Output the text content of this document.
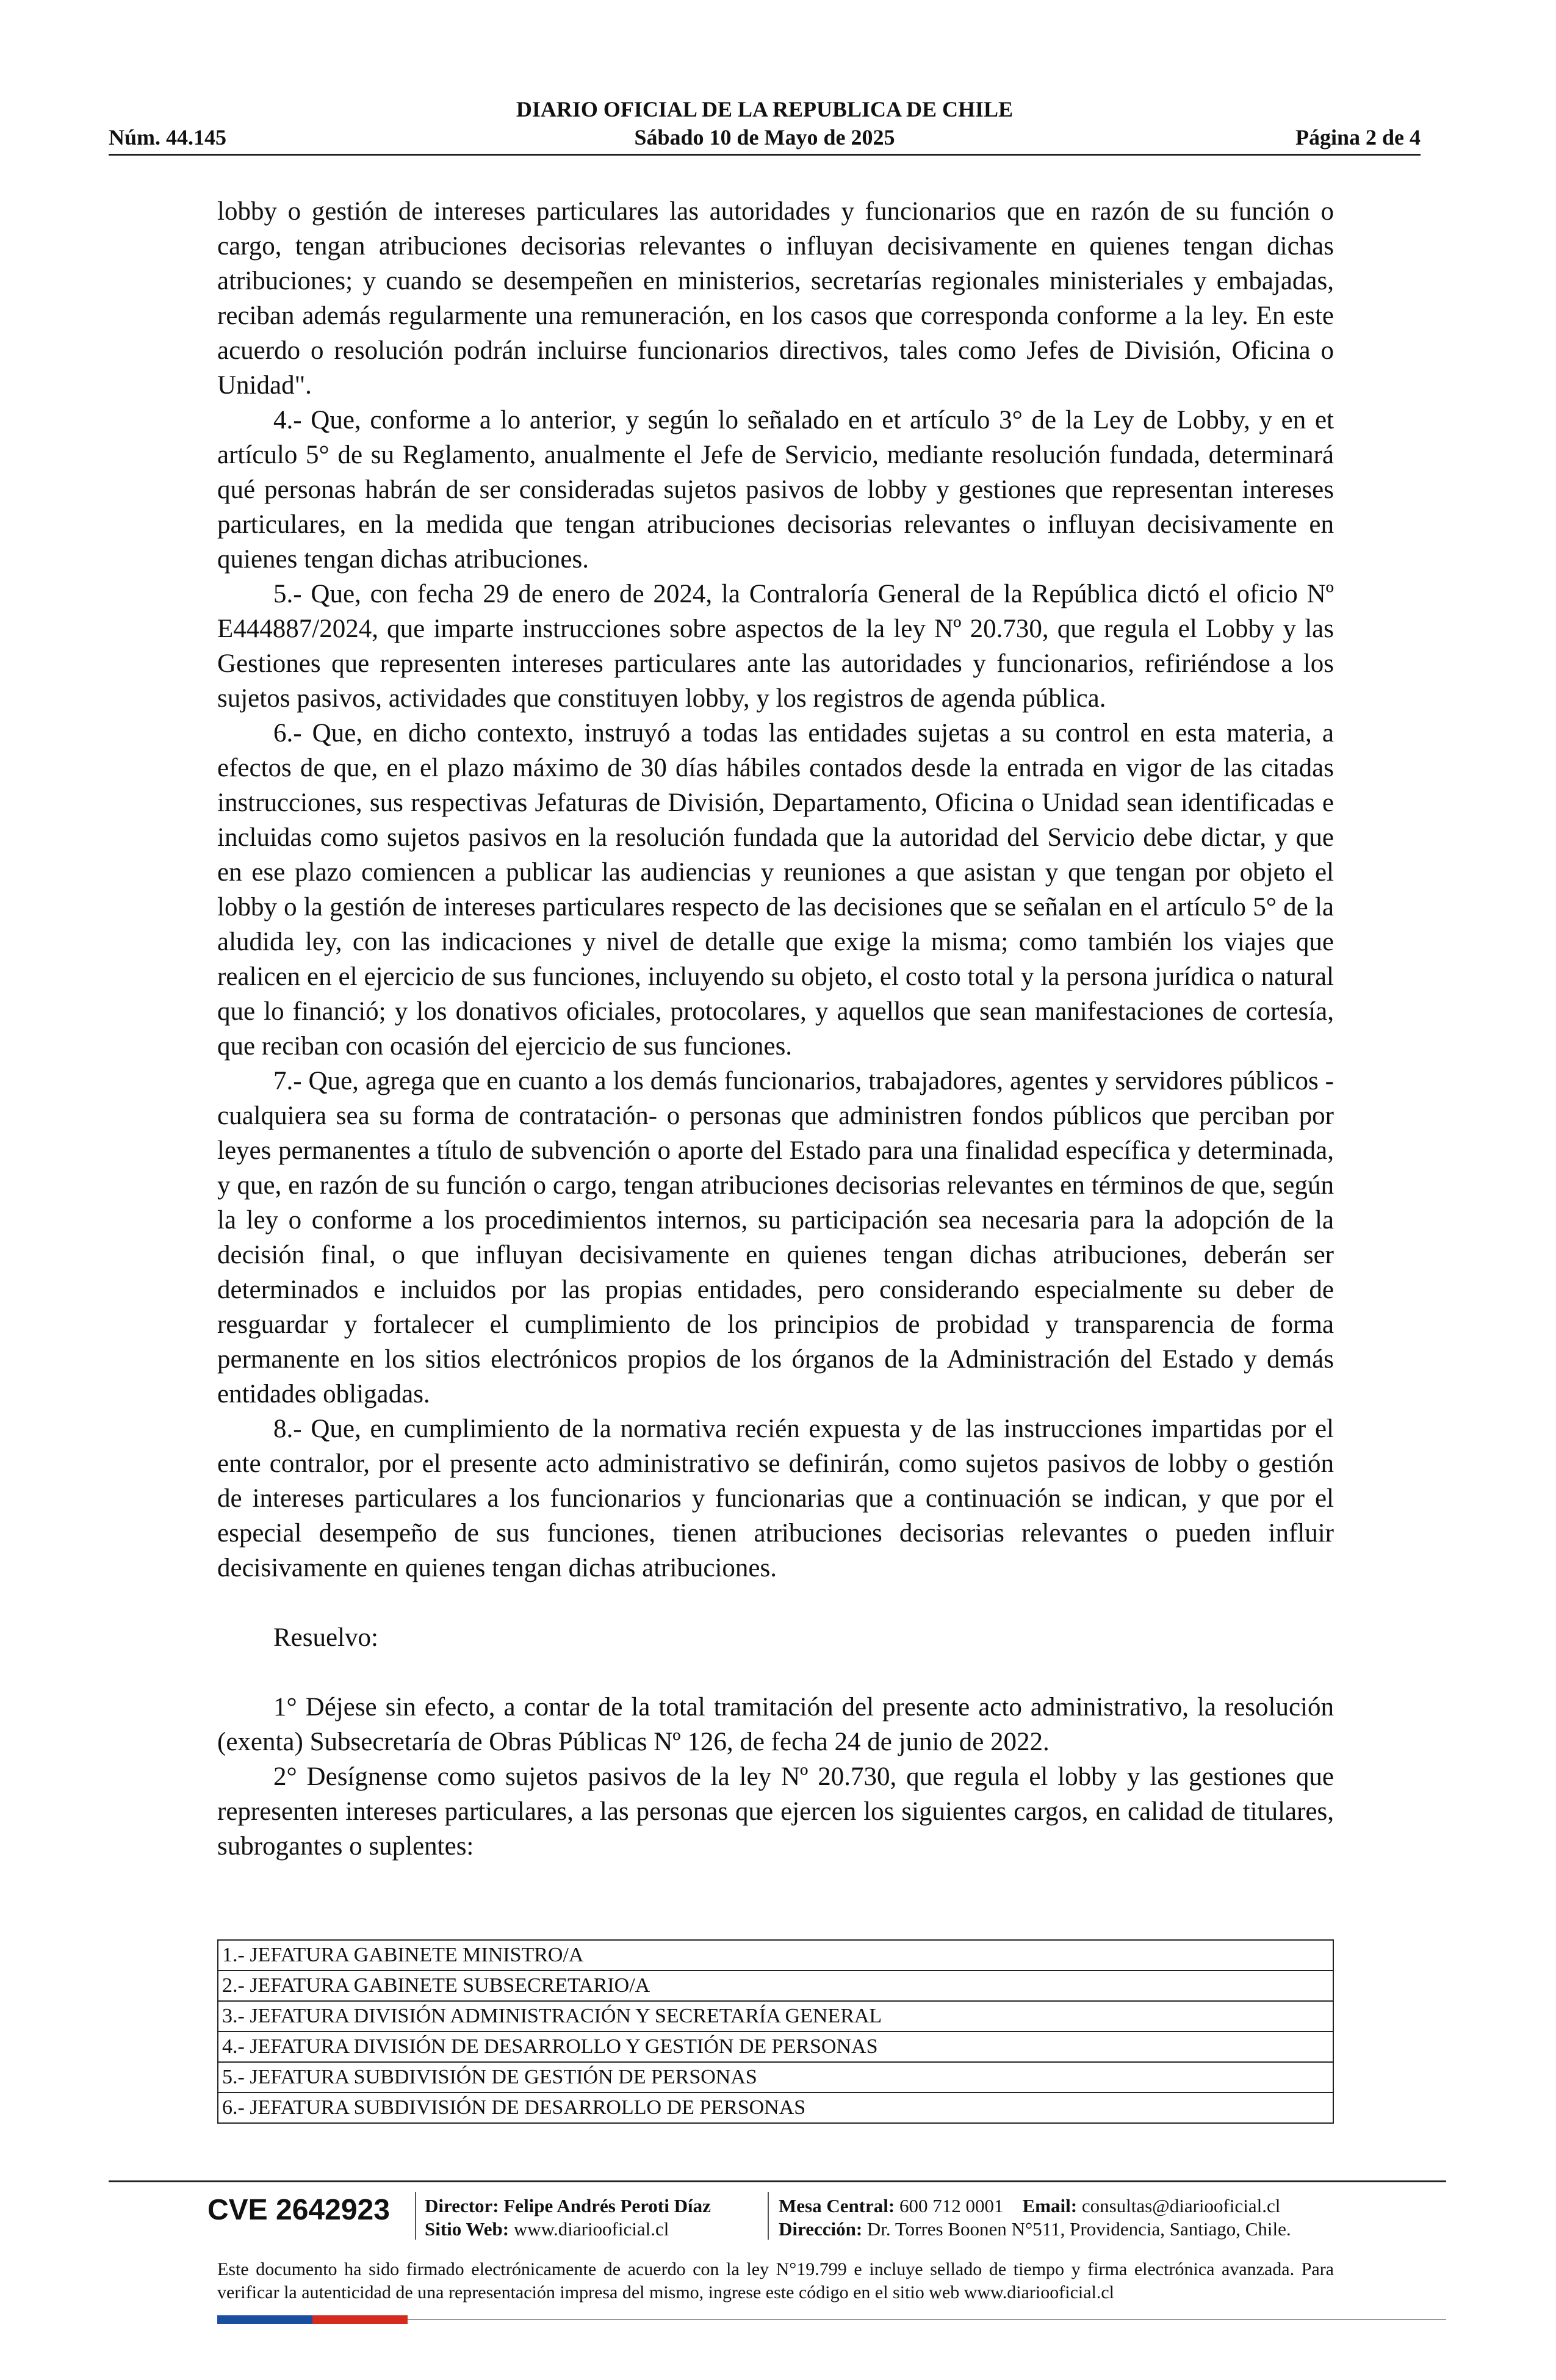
DIARIO OFICIAL DE LA REPUBLICA DE CHILE
Núm. 44.145	Sábado 10 de Mayo de 2025	Página 2 de 4

lobby o gestión de intereses particulares las autoridades y funcionarios que en razón de su función o cargo, tengan atribuciones decisorias relevantes o influyan decisivamente en quienes tengan dichas atribuciones; y cuando se desempeñen en ministerios, secretarías regionales ministeriales y embajadas, reciban además regularmente una remuneración, en los casos que corresponda conforme a la ley. En este acuerdo o resolución podrán incluirse funcionarios directivos, tales como Jefes de División, Oficina o Unidad".

4.- Que, conforme a lo anterior, y según lo señalado en et artículo 3° de la Ley de Lobby, y en et artículo 5° de su Reglamento, anualmente el Jefe de Servicio, mediante resolución fundada, determinará qué personas habrán de ser consideradas sujetos pasivos de lobby y gestiones que representan intereses particulares, en la medida que tengan atribuciones decisorias relevantes o influyan decisivamente en quienes tengan dichas atribuciones.

5.- Que, con fecha 29 de enero de 2024, la Contraloría General de la República dictó el oficio Nº E444887/2024, que imparte instrucciones sobre aspectos de la ley Nº 20.730, que regula el Lobby y las Gestiones que representen intereses particulares ante las autoridades y funcionarios, refiriéndose a los sujetos pasivos, actividades que constituyen lobby, y los registros de agenda pública.

6.- Que, en dicho contexto, instruyó a todas las entidades sujetas a su control en esta materia, a efectos de que, en el plazo máximo de 30 días hábiles contados desde la entrada en vigor de las citadas instrucciones, sus respectivas Jefaturas de División, Departamento, Oficina o Unidad sean identificadas e incluidas como sujetos pasivos en la resolución fundada que la autoridad del Servicio debe dictar, y que en ese plazo comiencen a publicar las audiencias y reuniones a que asistan y que tengan por objeto el lobby o la gestión de intereses particulares respecto de las decisiones que se señalan en el artículo 5° de la aludida ley, con las indicaciones y nivel de detalle que exige la misma; como también los viajes que realicen en el ejercicio de sus funciones, incluyendo su objeto, el costo total y la persona jurídica o natural que lo financió; y los donativos oficiales, protocolares, y aquellos que sean manifestaciones de cortesía, que reciban con ocasión del ejercicio de sus funciones.

7.- Que, agrega que en cuanto a los demás funcionarios, trabajadores, agentes y servidores públicos -cualquiera sea su forma de contratación- o personas que administren fondos públicos que perciban por leyes permanentes a título de subvención o aporte del Estado para una finalidad específica y determinada, y que, en razón de su función o cargo, tengan atribuciones decisorias relevantes en términos de que, según la ley o conforme a los procedimientos internos, su participación sea necesaria para la adopción de la decisión final, o que influyan decisivamente en quienes tengan dichas atribuciones, deberán ser determinados e incluidos por las propias entidades, pero considerando especialmente su deber de resguardar y fortalecer el cumplimiento de los principios de probidad y transparencia de forma permanente en los sitios electrónicos propios de los órganos de la Administración del Estado y demás entidades obligadas.

8.- Que, en cumplimiento de la normativa recién expuesta y de las instrucciones impartidas por el ente contralor, por el presente acto administrativo se definirán, como sujetos pasivos de lobby o gestión de intereses particulares a los funcionarios y funcionarias que a continuación se indican, y que por el especial desempeño de sus funciones, tienen atribuciones decisorias relevantes o pueden influir decisivamente en quienes tengan dichas atribuciones.

Resuelvo:

1° Déjese sin efecto, a contar de la total tramitación del presente acto administrativo, la resolución (exenta) Subsecretaría de Obras Públicas Nº 126, de fecha 24 de junio de 2022.

2° Desígnense como sujetos pasivos de la ley Nº 20.730, que regula el lobby y las gestiones que representen intereses particulares, a las personas que ejercen los siguientes cargos, en calidad de titulares, subrogantes o suplentes:

1.- JEFATURA GABINETE MINISTRO/A
2.- JEFATURA GABINETE SUBSECRETARIO/A
3.- JEFATURA DIVISIÓN ADMINISTRACIÓN Y SECRETARÍA GENERAL
4.- JEFATURA DIVISIÓN DE DESARROLLO Y GESTIÓN DE PERSONAS
5.- JEFATURA SUBDIVISIÓN DE GESTIÓN DE PERSONAS
6.- JEFATURA SUBDIVISIÓN DE DESARROLLO DE PERSONAS
CVE 2642923 Director: Felipe Andrés Peroti Díaz
Sitio Web: www.diariooficial.cl
Mesa Central: 600 712 0001 Email: consultas@diariooficial.cl
Dirección: Dr. Torres Boonen N°511, Providencia, Santiago, Chile.
Este documento ha sido firmado electrónicamente de acuerdo con la ley N°19.799 e incluye sellado de tiempo y firma electrónica avanzada. Para verificar la autenticidad de una representación impresa del mismo, ingrese este código en el sitio web www.diariooficial.cl
